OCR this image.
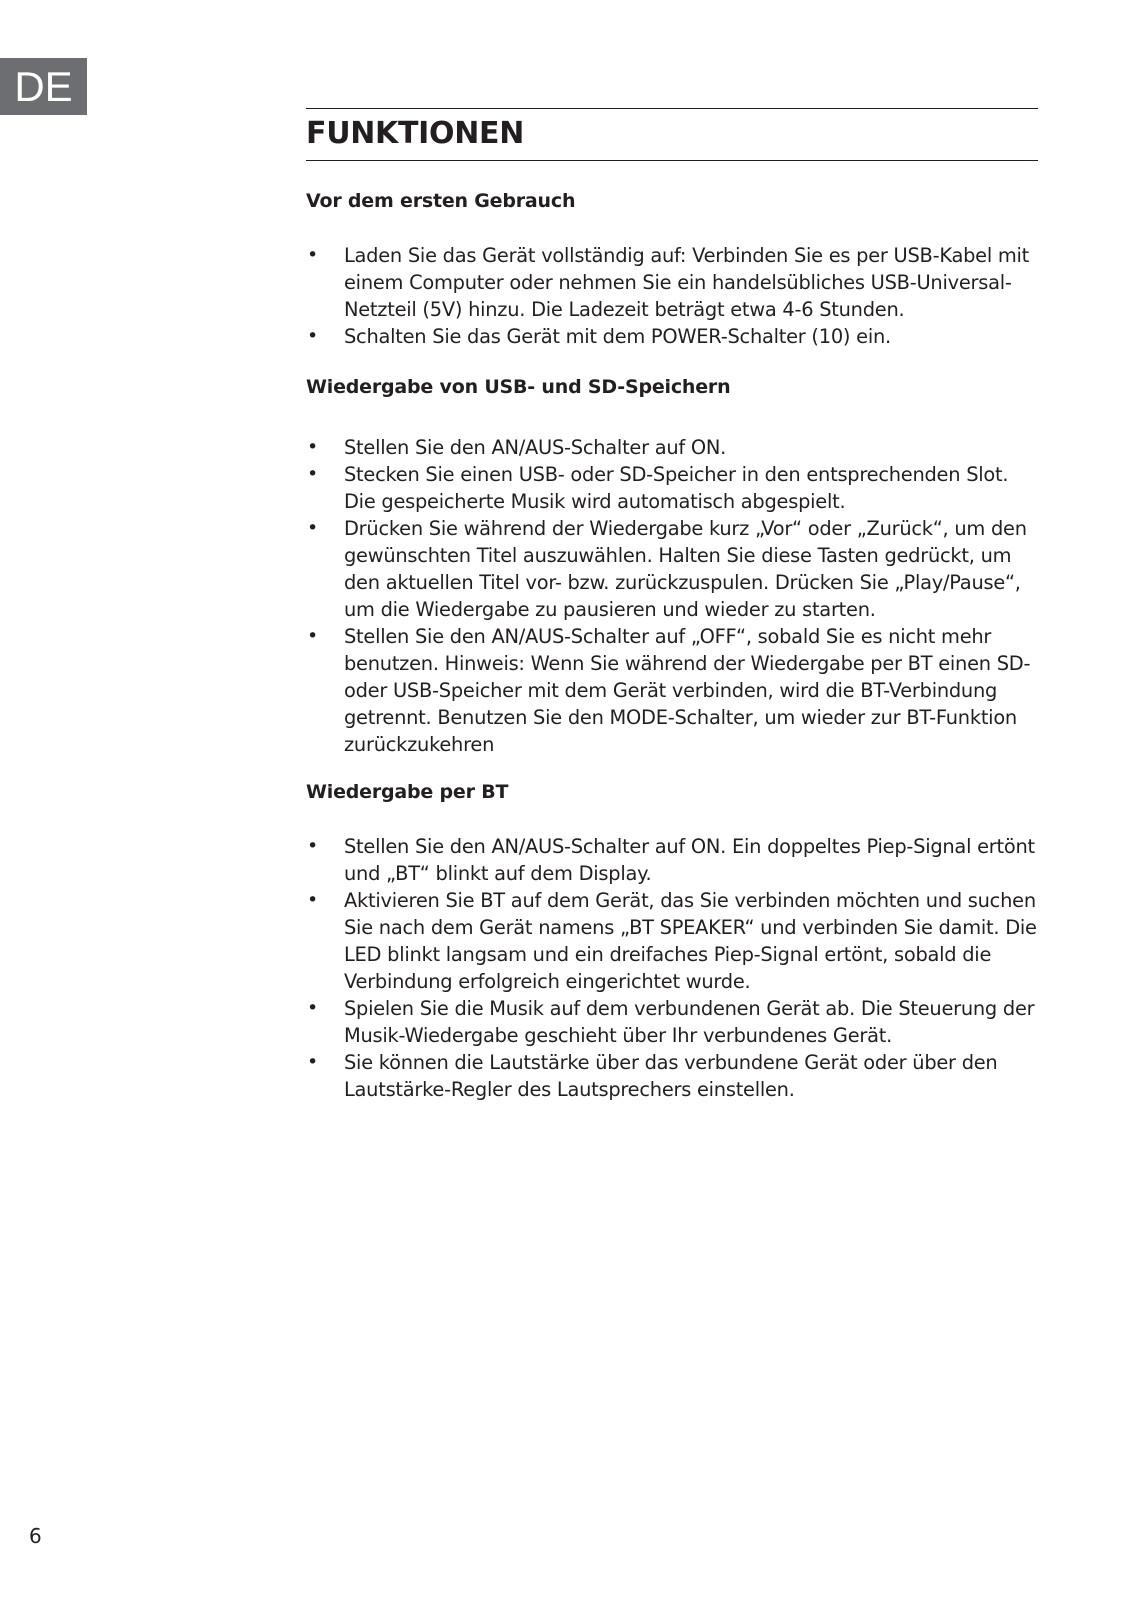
DE
FUNKTIONEN
Vor dem ersten Gebrauch
• Laden Sie das Gerät vollständig auf: Verbinden Sie es per USB-Kabel mit einem Computer oder nehmen Sie ein handelsübliches USB-Universal-Netzteil (5V) hinzu. Die Ladezeit beträgt etwa 4-6 Stunden.
• Schalten Sie das Gerät mit dem POWER-Schalter (10) ein.
Wiedergabe von USB- und SD-Speichern
• Stellen Sie den AN/AUS-Schalter auf ON.
• Stecken Sie einen USB- oder SD-Speicher in den entsprechenden Slot. Die gespeicherte Musik wird automatisch abgespielt.
• Drücken Sie während der Wiedergabe kurz „Vor“ oder „Zurück“, um den gewünschten Titel auszuwählen. Halten Sie diese Tasten gedrückt, um den aktuellen Titel vor- bzw. zurückzuspulen. Drücken Sie „Play/Pause“, um die Wiedergabe zu pausieren und wieder zu starten.
• Stellen Sie den AN/AUS-Schalter auf „OFF“, sobald Sie es nicht mehr benutzen. Hinweis: Wenn Sie während der Wiedergabe per BT einen SD- oder USB-Speicher mit dem Gerät verbinden, wird die BT-Verbindung getrennt. Benutzen Sie den MODE-Schalter, um wieder zur BT-Funktion zurückzukehren
Wiedergabe per BT
• Stellen Sie den AN/AUS-Schalter auf ON. Ein doppeltes Piep-Signal ertönt und „BT“ blinkt auf dem Display.
• Aktivieren Sie BT auf dem Gerät, das Sie verbinden möchten und suchen Sie nach dem Gerät namens „BT SPEAKER“ und verbinden Sie damit. Die LED blinkt langsam und ein dreifaches Piep-Signal ertönt, sobald die Verbindung erfolgreich eingerichtet wurde.
• Spielen Sie die Musik auf dem verbundenen Gerät ab. Die Steuerung der Musik-Wiedergabe geschieht über Ihr verbundenes Gerät.
• Sie können die Lautstärke über das verbundene Gerät oder über den Lautstärke-Regler des Lautsprechers einstellen.
6
